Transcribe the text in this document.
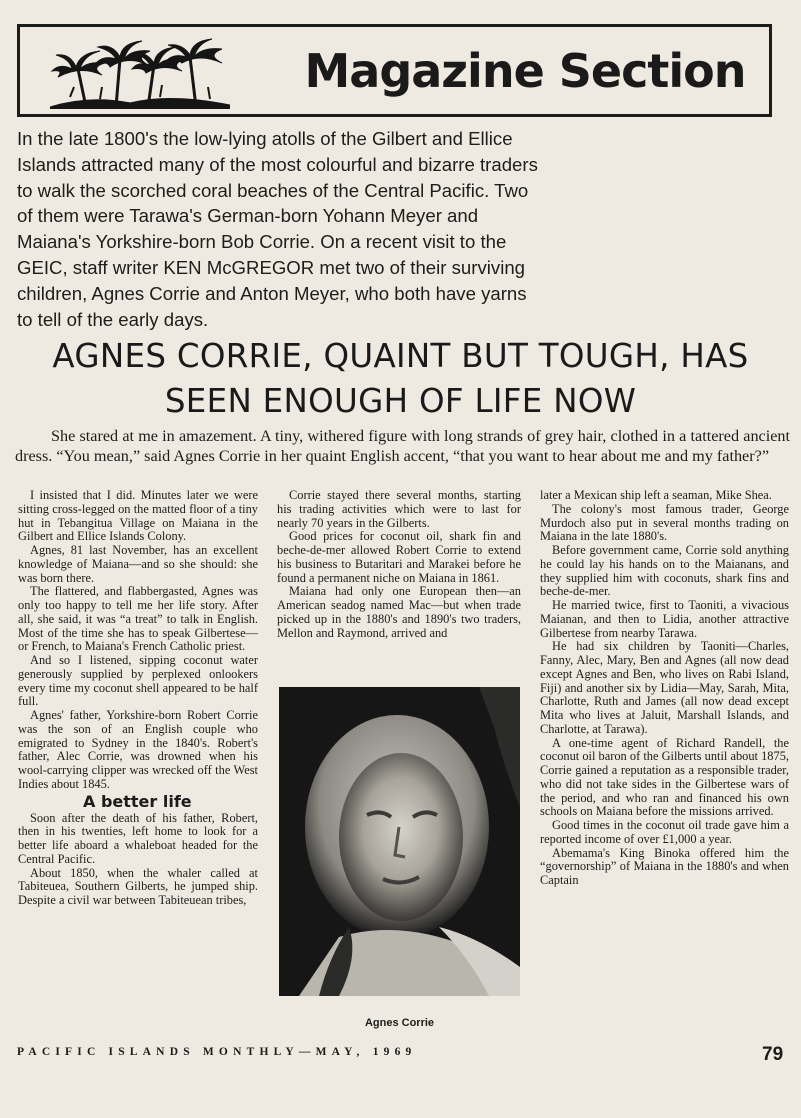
Magazine Section

In the late 1800's the low-lying atolls of the Gilbert and Ellice Islands attracted many of the most colourful and bizarre traders to walk the scorched coral beaches of the Central Pacific. Two of them were Tarawa's German-born Yohann Meyer and Maiana's Yorkshire-born Bob Corrie. On a recent visit to the GEIC, staff writer KEN McGREGOR met two of their surviving children, Agnes Corrie and Anton Meyer, who both have yarns to tell of the early days.

AGNES CORRIE, QUAINT BUT TOUGH, HAS
SEEN ENOUGH OF LIFE NOW

She stared at me in amazement. A tiny, withered figure with long strands of grey hair, clothed in a tattered ancient dress. “You mean,” said Agnes Corrie in her quaint English accent, “that you want to hear about me and my father?”

I insisted that I did. Minutes later we were sitting cross-legged on the matted floor of a tiny hut in Tebangitua Village on Maiana in the Gilbert and Ellice Islands Colony.

Agnes, 81 last November, has an excellent knowledge of Maiana—and so she should: she was born there.

The flattered, and flabbergasted, Agnes was only too happy to tell me her life story. After all, she said, it was “a treat” to talk in English. Most of the time she has to speak Gilbertese—or French, to Maiana's French Catholic priest.

And so I listened, sipping coconut water generously supplied by perplexed onlookers every time my coconut shell appeared to be half full.

Agnes' father, Yorkshire-born Robert Corrie was the son of an English couple who emigrated to Sydney in the 1840's. Robert's father, Alec Corrie, was drowned when his wool-carrying clipper was wrecked off the West Indies about 1845.

A better life

Soon after the death of his father, Robert, then in his twenties, left home to look for a better life aboard a whaleboat headed for the Central Pacific.

About 1850, when the whaler called at Tabiteuea, Southern Gilberts, he jumped ship. Despite a civil war between Tabiteuean tribes,

Corrie stayed there several months, starting his trading activities which were to last for nearly 70 years in the Gilberts.

Good prices for coconut oil, shark fin and beche-de-mer allowed Robert Corrie to extend his business to Butaritari and Marakei before he found a permanent niche on Maiana in 1861.

Maiana had only one European then—an American seadog named Mac—but when trade picked up in the 1880's and 1890's two traders, Mellon and Raymond, arrived and

Agnes Corrie

later a Mexican ship left a seaman, Mike Shea.

The colony's most famous trader, George Murdoch also put in several months trading on Maiana in the late 1880's.

Before government came, Corrie sold anything he could lay his hands on to the Maianans, and they supplied him with coconuts, shark fins and beche-de-mer.

He married twice, first to Taoniti, a vivacious Maianan, and then to Lidia, another attractive Gilbertese from nearby Tarawa.

He had six children by Taoniti—Charles, Fanny, Alec, Mary, Ben and Agnes (all now dead except Agnes and Ben, who lives on Rabi Island, Fiji) and another six by Lidia—May, Sarah, Mita, Charlotte, Ruth and James (all now dead except Mita who lives at Jaluit, Marshall Islands, and Charlotte, at Tarawa).

A one-time agent of Richard Randell, the coconut oil baron of the Gilberts until about 1875, Corrie gained a reputation as a responsible trader, who did not take sides in the Gilbertese wars of the period, and who ran and financed his own schools on Maiana before the missions arrived.

Good times in the coconut oil trade gave him a reported income of over £1,000 a year.

Abemama's King Binoka offered him the “governorship” of Maiana in the 1880's and when Captain

PACIFIC ISLANDS MONTHLY—MAY, 1969	79
